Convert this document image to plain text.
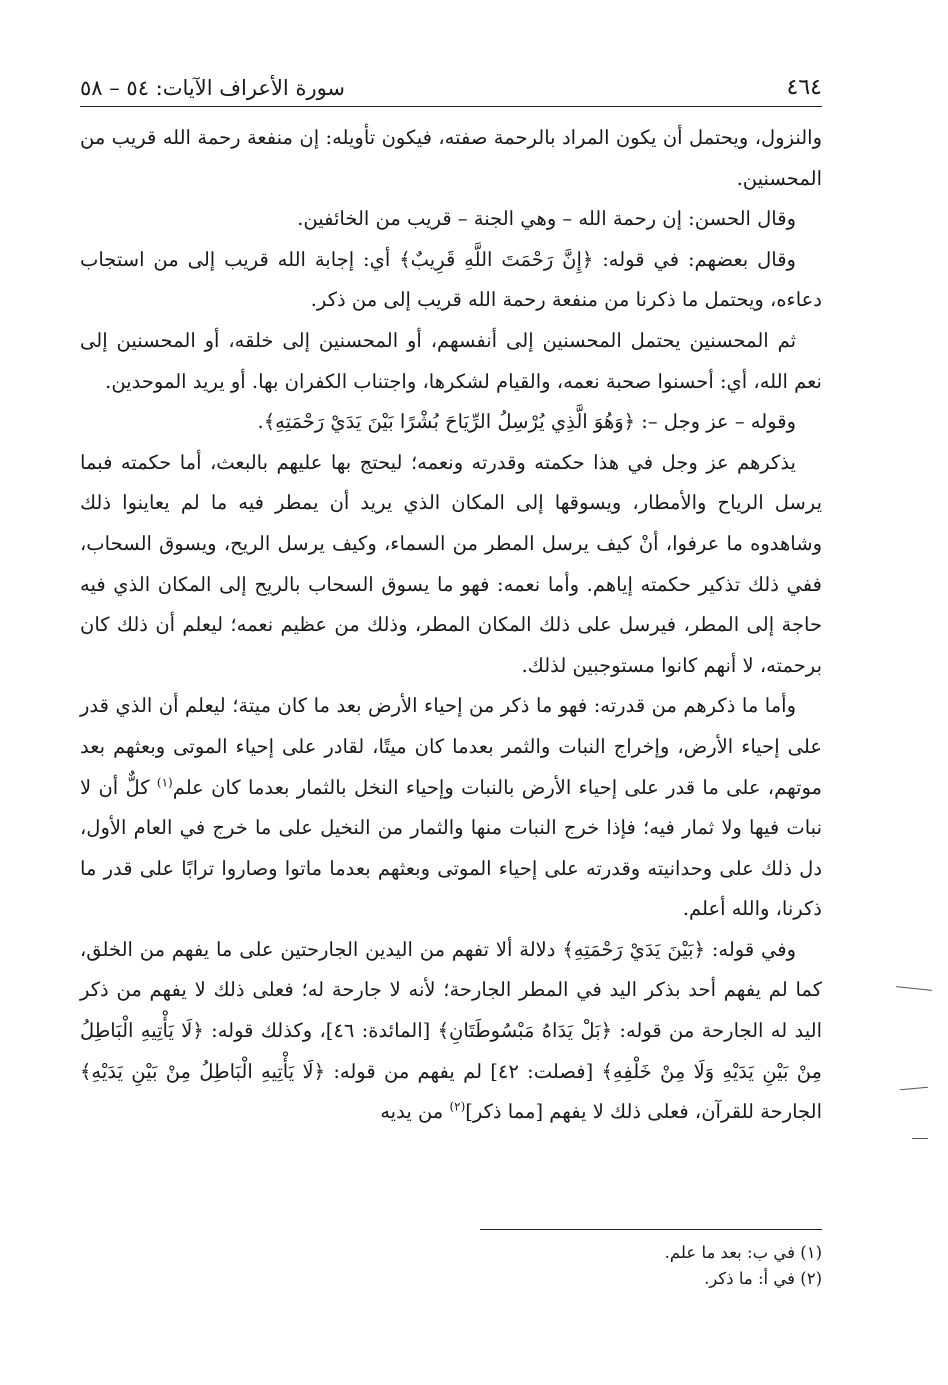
٤٦٤
سورة الأعراف الآيات: ٥٤ – ٥٨

والنزول، ويحتمل أن يكون المراد بالرحمة صفته، فيكون تأويله: إن منفعة رحمة الله قريب من المحسنين.

وقال الحسن: إن رحمة الله – وهي الجنة – قريب من الخائفين.

وقال بعضهم: في قوله: ﴿إِنَّ رَحْمَتَ اللَّهِ قَرِيبٌ﴾ أي: إجابة الله قريب إلى من استجاب دعاءه، ويحتمل ما ذكرنا من منفعة رحمة الله قريب إلى من ذكر.

ثم المحسنين يحتمل المحسنين إلى أنفسهم، أو المحسنين إلى خلقه، أو المحسنين إلى نعم الله، أي: أحسنوا صحبة نعمه، والقيام لشكرها، واجتناب الكفران بها. أو يريد الموحدين.

وقوله – عز وجل –: ﴿وَهُوَ الَّذِي يُرْسِلُ الرِّيَاحَ بُشْرًا بَيْنَ يَدَيْ رَحْمَتِهِ﴾.

يذكرهم عز وجل في هذا حكمته وقدرته ونعمه؛ ليحتج بها عليهم بالبعث، أما حكمته فبما يرسل الرياح والأمطار، ويسوقها إلى المكان الذي يريد أن يمطر فيه ما لم يعاينوا ذلك وشاهدوه ما عرفوا، أنْ كيف يرسل المطر من السماء، وكيف يرسل الريح، ويسوق السحاب، ففي ذلك تذكير حكمته إياهم. وأما نعمه: فهو ما يسوق السحاب بالريح إلى المكان الذي فيه حاجة إلى المطر، فيرسل على ذلك المكان المطر، وذلك من عظيم نعمه؛ ليعلم أن ذلك كان برحمته، لا أنهم كانوا مستوجبين لذلك.

وأما ما ذكرهم من قدرته: فهو ما ذكر من إحياء الأرض بعد ما كان ميتة؛ ليعلم أن الذي قدر على إحياء الأرض، وإخراج النبات والثمر بعدما كان ميتًا، لقادر على إحياء الموتى وبعثهم بعد موتهم، على ما قدر على إحياء الأرض بالنبات وإحياء النخل بالثمار بعدما كان علم$^{(١)}$ كلٌّ أن لا نبات فيها ولا ثمار فيه؛ فإذا خرج النبات منها والثمار من النخيل على ما خرج في العام الأول، دل ذلك على وحدانيته وقدرته على إحياء الموتى وبعثهم بعدما ماتوا وصاروا ترابًا على قدر ما ذكرنا، والله أعلم.

وفي قوله: ﴿بَيْنَ يَدَيْ رَحْمَتِهِ﴾ دلالة ألا تفهم من اليدين الجارحتين على ما يفهم من الخلق، كما لم يفهم أحد بذكر اليد في المطر الجارحة؛ لأنه لا جارحة له؛ فعلى ذلك لا يفهم من ذكر اليد له الجارحة من قوله: ﴿بَلْ يَدَاهُ مَبْسُوطَتَانِ﴾ [المائدة: ٤٦]، وكذلك قوله: ﴿لَا يَأْتِيهِ الْبَاطِلُ مِنْ بَيْنِ يَدَيْهِ وَلَا مِنْ خَلْفِهِ﴾ [فصلت: ٤٢] لم يفهم من قوله: ﴿لَا يَأْتِيهِ الْبَاطِلُ مِنْ بَيْنِ يَدَيْهِ﴾ الجارحة للقرآن، فعلى ذلك لا يفهم [مما ذكر]$^{(٢)}$ من يديه

(١) في ب: بعد ما علم.
(٢) في أ: ما ذكر.
